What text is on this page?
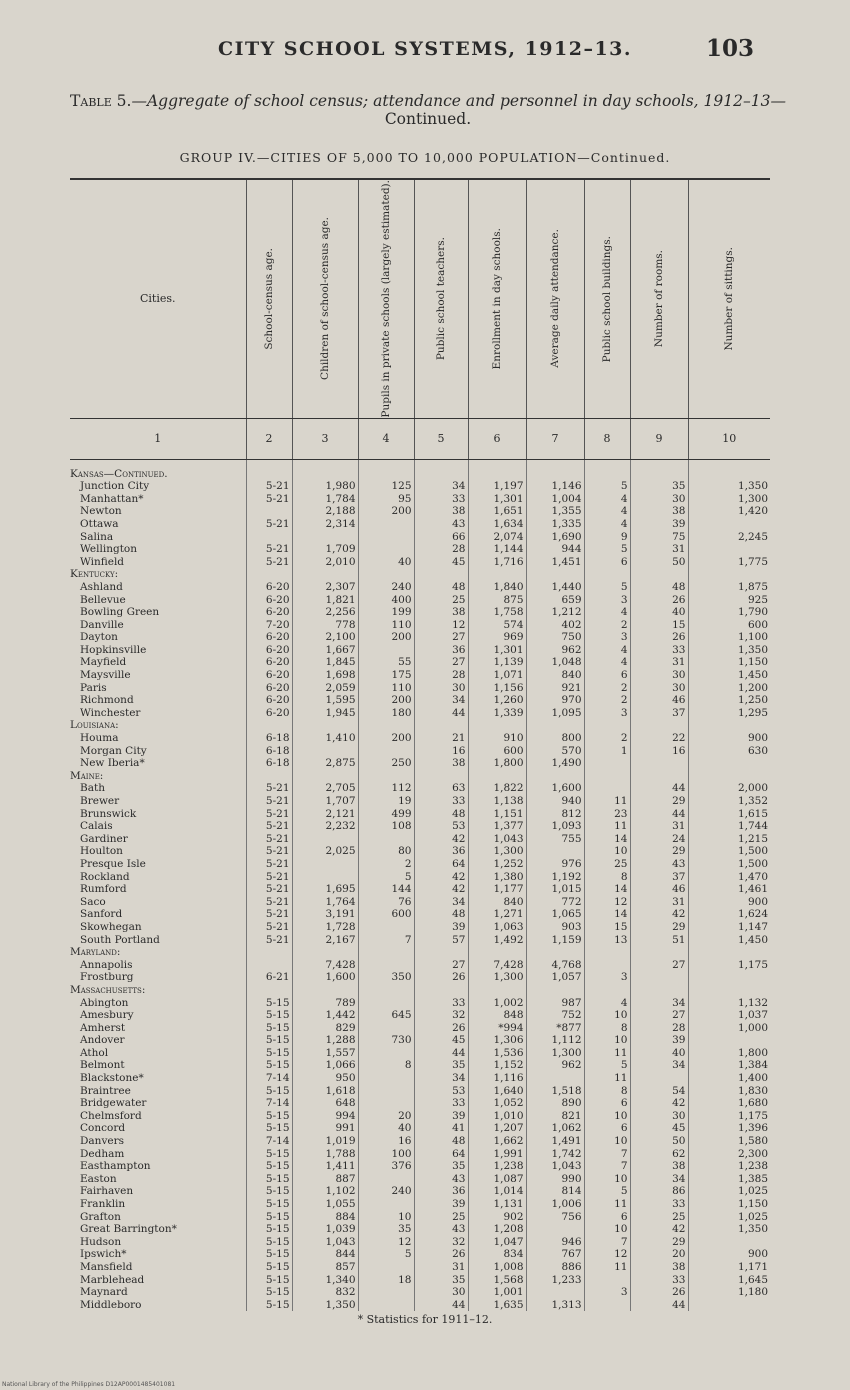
CITY SCHOOL SYSTEMS, 1912–13.	103
Table 5.—Aggregate of school census; attendance and personnel in day schools, 1912–13—
Continued.
GROUP IV.—CITIES OF 5,000 TO 10,000 POPULATION—Continued.
Cities.	School-census age.	Children of school-census age.	Pupils in private schools (largely estimated).	Public school teachers.	Enrollment in day schools.	Average daily attendance.	Public school buildings.	Number of rooms.	Number of sittings.

1	2	3	4	5	6	7	8	9	10

Kansas—Continued.									
Junction City	5-21	1,980	125	34	1,197	1,146	5	35	1,350
Manhattan*	5-21	1,784	95	33	1,301	1,004	4	30	1,300
Newton		2,188	200	38	1,651	1,355	4	38	1,420
Ottawa	5-21	2,314		43	1,634	1,335	4	39	
Salina				66	2,074	1,690	9	75	2,245
Wellington	5-21	1,709		28	1,144	944	5	31	
Winfield	5-21	2,010	40	45	1,716	1,451	6	50	1,775
Kentucky:									
Ashland	6-20	2,307	240	48	1,840	1,440	5	48	1,875
Bellevue	6-20	1,821	400	25	875	659	3	26	925
Bowling Green	6-20	2,256	199	38	1,758	1,212	4	40	1,790
Danville	7-20	778	110	12	574	402	2	15	600
Dayton	6-20	2,100	200	27	969	750	3	26	1,100
Hopkinsville	6-20	1,667		36	1,301	962	4	33	1,350
Mayfield	6-20	1,845	55	27	1,139	1,048	4	31	1,150
Maysville	6-20	1,698	175	28	1,071	840	6	30	1,450
Paris	6-20	2,059	110	30	1,156	921	2	30	1,200
Richmond	6-20	1,595	200	34	1,260	970	2	46	1,250
Winchester	6-20	1,945	180	44	1,339	1,095	3	37	1,295
Louisiana:									
Houma	6-18	1,410	200	21	910	800	2	22	900
Morgan City	6-18			16	600	570	1	16	630
New Iberia*	6-18	2,875	250	38	1,800	1,490			
Maine:									
Bath	5-21	2,705	112	63	1,822	1,600		44	2,000
Brewer	5-21	1,707	19	33	1,138	940	11	29	1,352
Brunswick	5-21	2,121	499	48	1,151	812	23	44	1,615
Calais	5-21	2,232	108	53	1,377	1,093	11	31	1,744
Gardiner	5-21			42	1,043	755	14	24	1,215
Houlton	5-21	2,025	80	36	1,300		10	29	1,500
Presque Isle	5-21		2	64	1,252	976	25	43	1,500
Rockland	5-21		5	42	1,380	1,192	8	37	1,470
Rumford	5-21	1,695	144	42	1,177	1,015	14	46	1,461
Saco	5-21	1,764	76	34	840	772	12	31	900
Sanford	5-21	3,191	600	48	1,271	1,065	14	42	1,624
Skowhegan	5-21	1,728		39	1,063	903	15	29	1,147
South Portland	5-21	2,167	7	57	1,492	1,159	13	51	1,450
Maryland:									
Annapolis		7,428		27	7,428	4,768		27	1,175
Frostburg	6-21	1,600	350	26	1,300	1,057	3		
Massachusetts:									
Abington	5-15	789		33	1,002	987	4	34	1,132
Amesbury	5-15	1,442	645	32	848	752	10	27	1,037
Amherst	5-15	829		26	*994	*877	8	28	1,000
Andover	5-15	1,288	730	45	1,306	1,112	10	39	
Athol	5-15	1,557		44	1,536	1,300	11	40	1,800
Belmont	5-15	1,066	8	35	1,152	962	5	34	1,384
Blackstone*	7-14	950		34	1,116		11		1,400
Braintree	5-15	1,618		53	1,640	1,518	8	54	1,830
Bridgewater	7-14	648		33	1,052	890	6	42	1,680
Chelmsford	5-15	994	20	39	1,010	821	10	30	1,175
Concord	5-15	991	40	41	1,207	1,062	6	45	1,396
Danvers	7-14	1,019	16	48	1,662	1,491	10	50	1,580
Dedham	5-15	1,788	100	64	1,991	1,742	7	62	2,300
Easthampton	5-15	1,411	376	35	1,238	1,043	7	38	1,238
Easton	5-15	887		43	1,087	990	10	34	1,385
Fairhaven	5-15	1,102	240	36	1,014	814	5	86	1,025
Franklin	5-15	1,055		39	1,131	1,006	11	33	1,150
Grafton	5-15	884	10	25	902	756	6	25	1,025
Great Barrington*	5-15	1,039	35	43	1,208		10	42	1,350
Hudson	5-15	1,043	12	32	1,047	946	7	29	
Ipswich*	5-15	844	5	26	834	767	12	20	900
Mansfield	5-15	857		31	1,008	886	11	38	1,171
Marblehead	5-15	1,340	18	35	1,568	1,233		33	1,645
Maynard	5-15	832		30	1,001		3	26	1,180
Middleboro	5-15	1,350		44	1,635	1,313		44	
* Statistics for 1911–12.
National Library of the Philippines D12AP0001485401081
